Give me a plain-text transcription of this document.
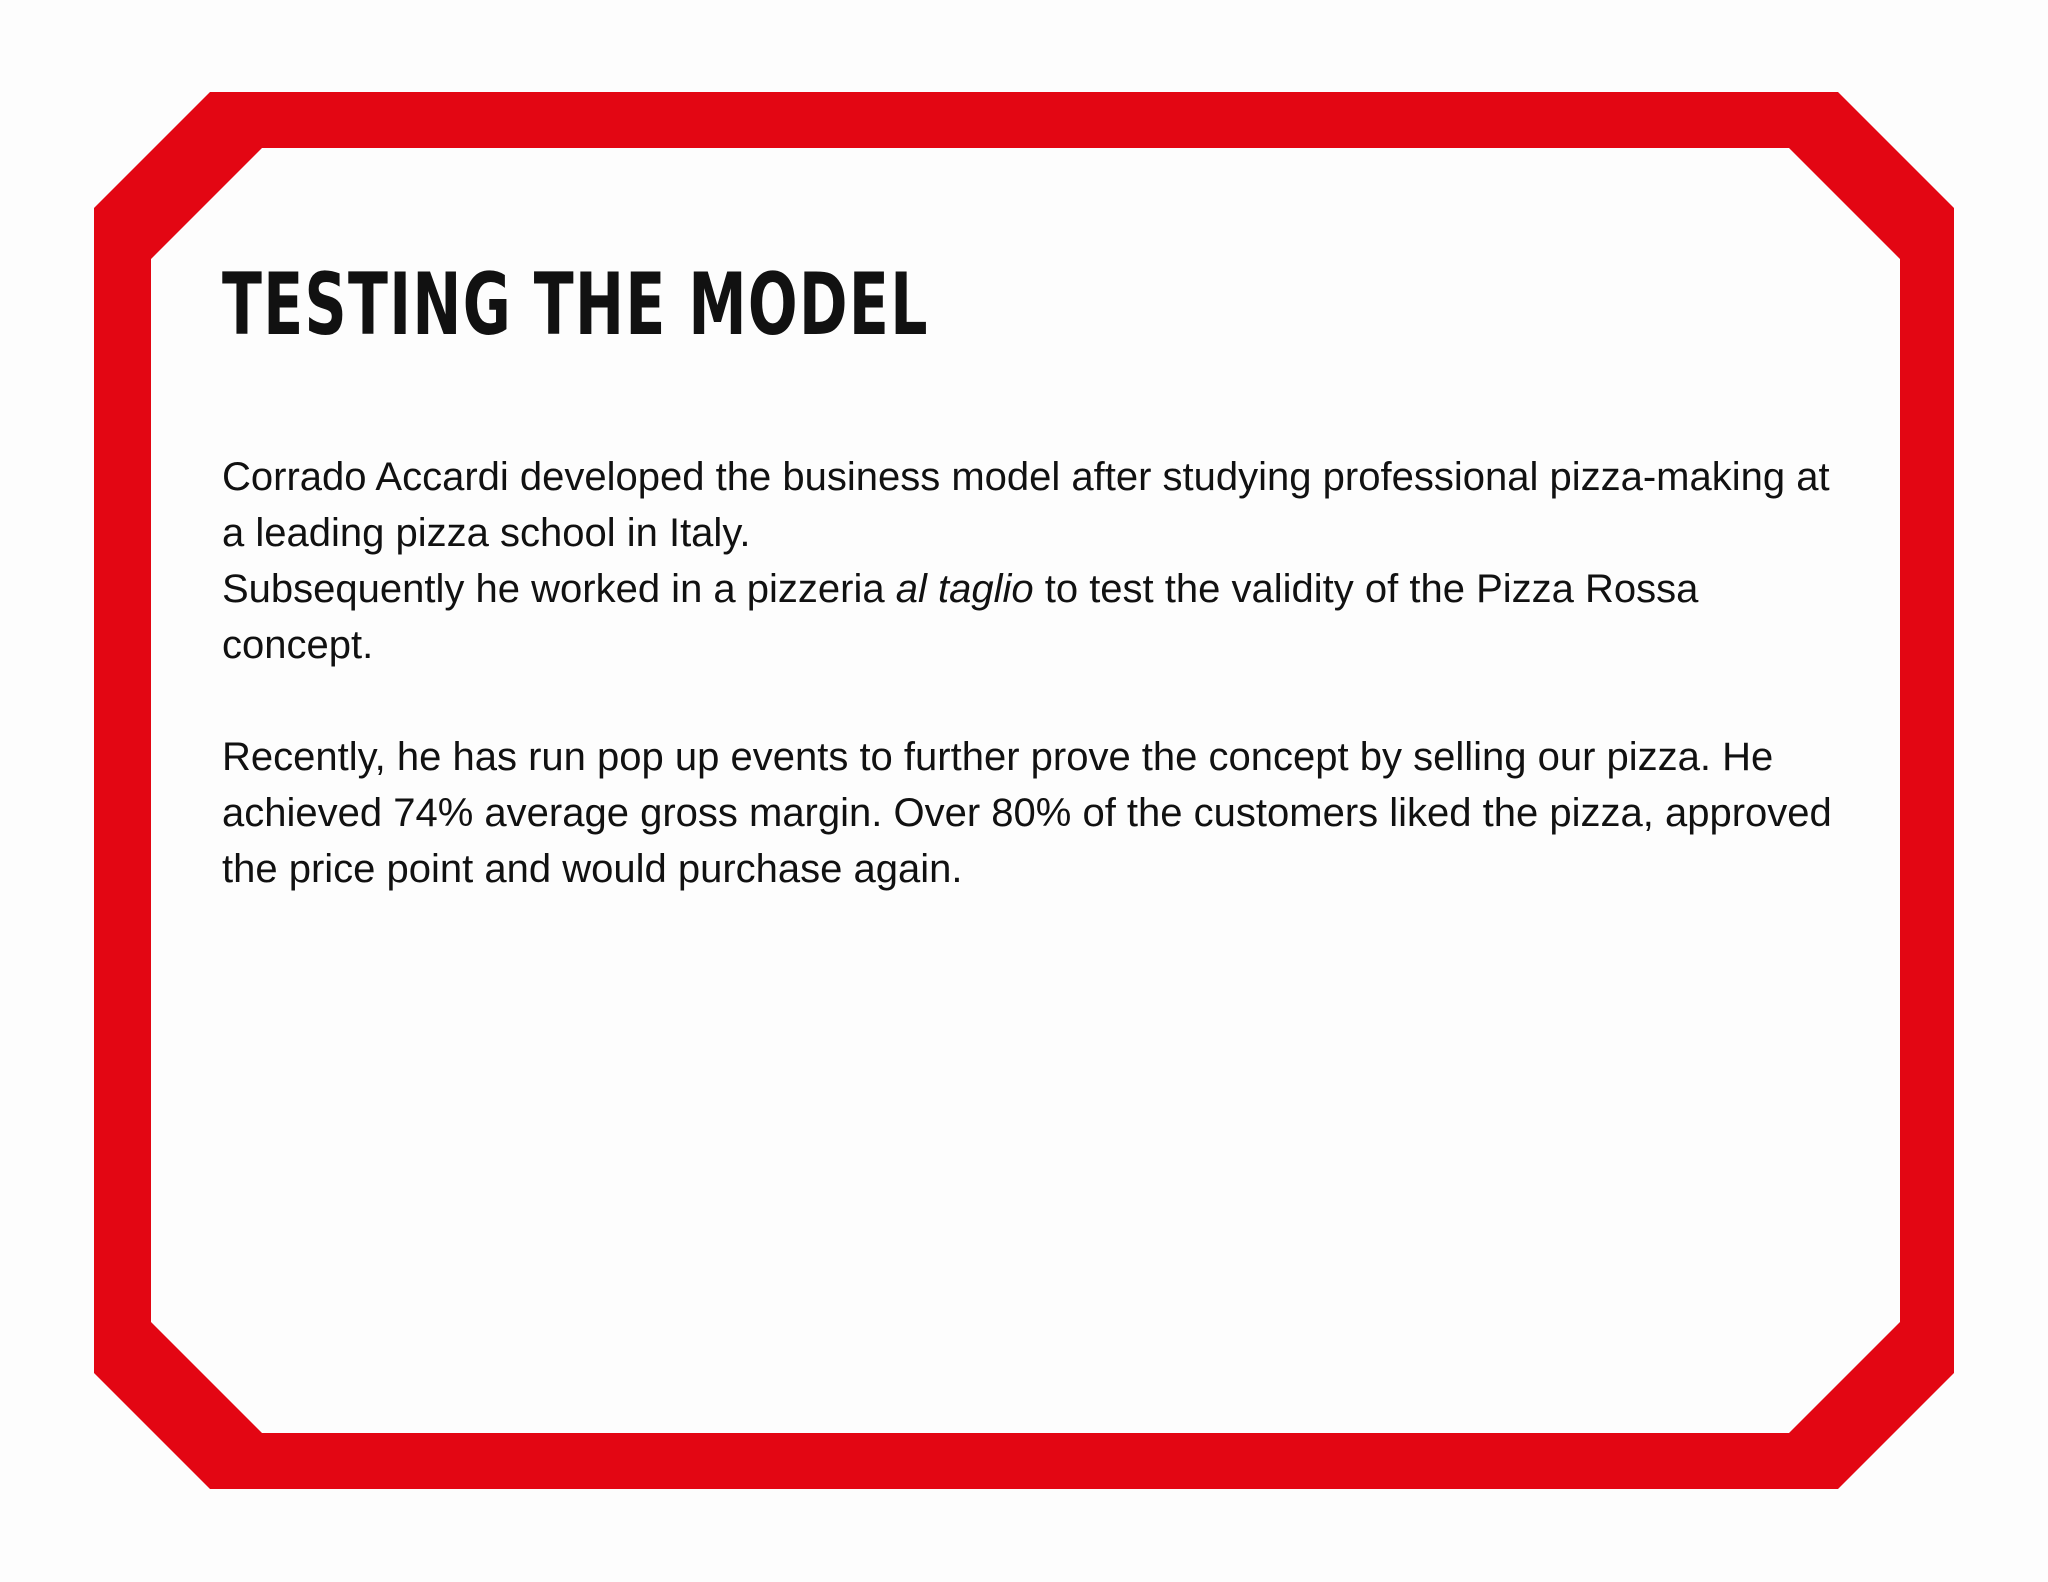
TESTING THE MODEL

Corrado Accardi developed the business model after studying professional pizza-making at a leading pizza school in Italy.

Subsequently he worked in a pizzeria al taglio to test the validity of the Pizza Rossa concept.

Recently, he has run pop up events to further prove the concept by selling our pizza. He achieved 74% average gross margin. Over 80% of the customers liked the pizza, approved the price point and would purchase again.
